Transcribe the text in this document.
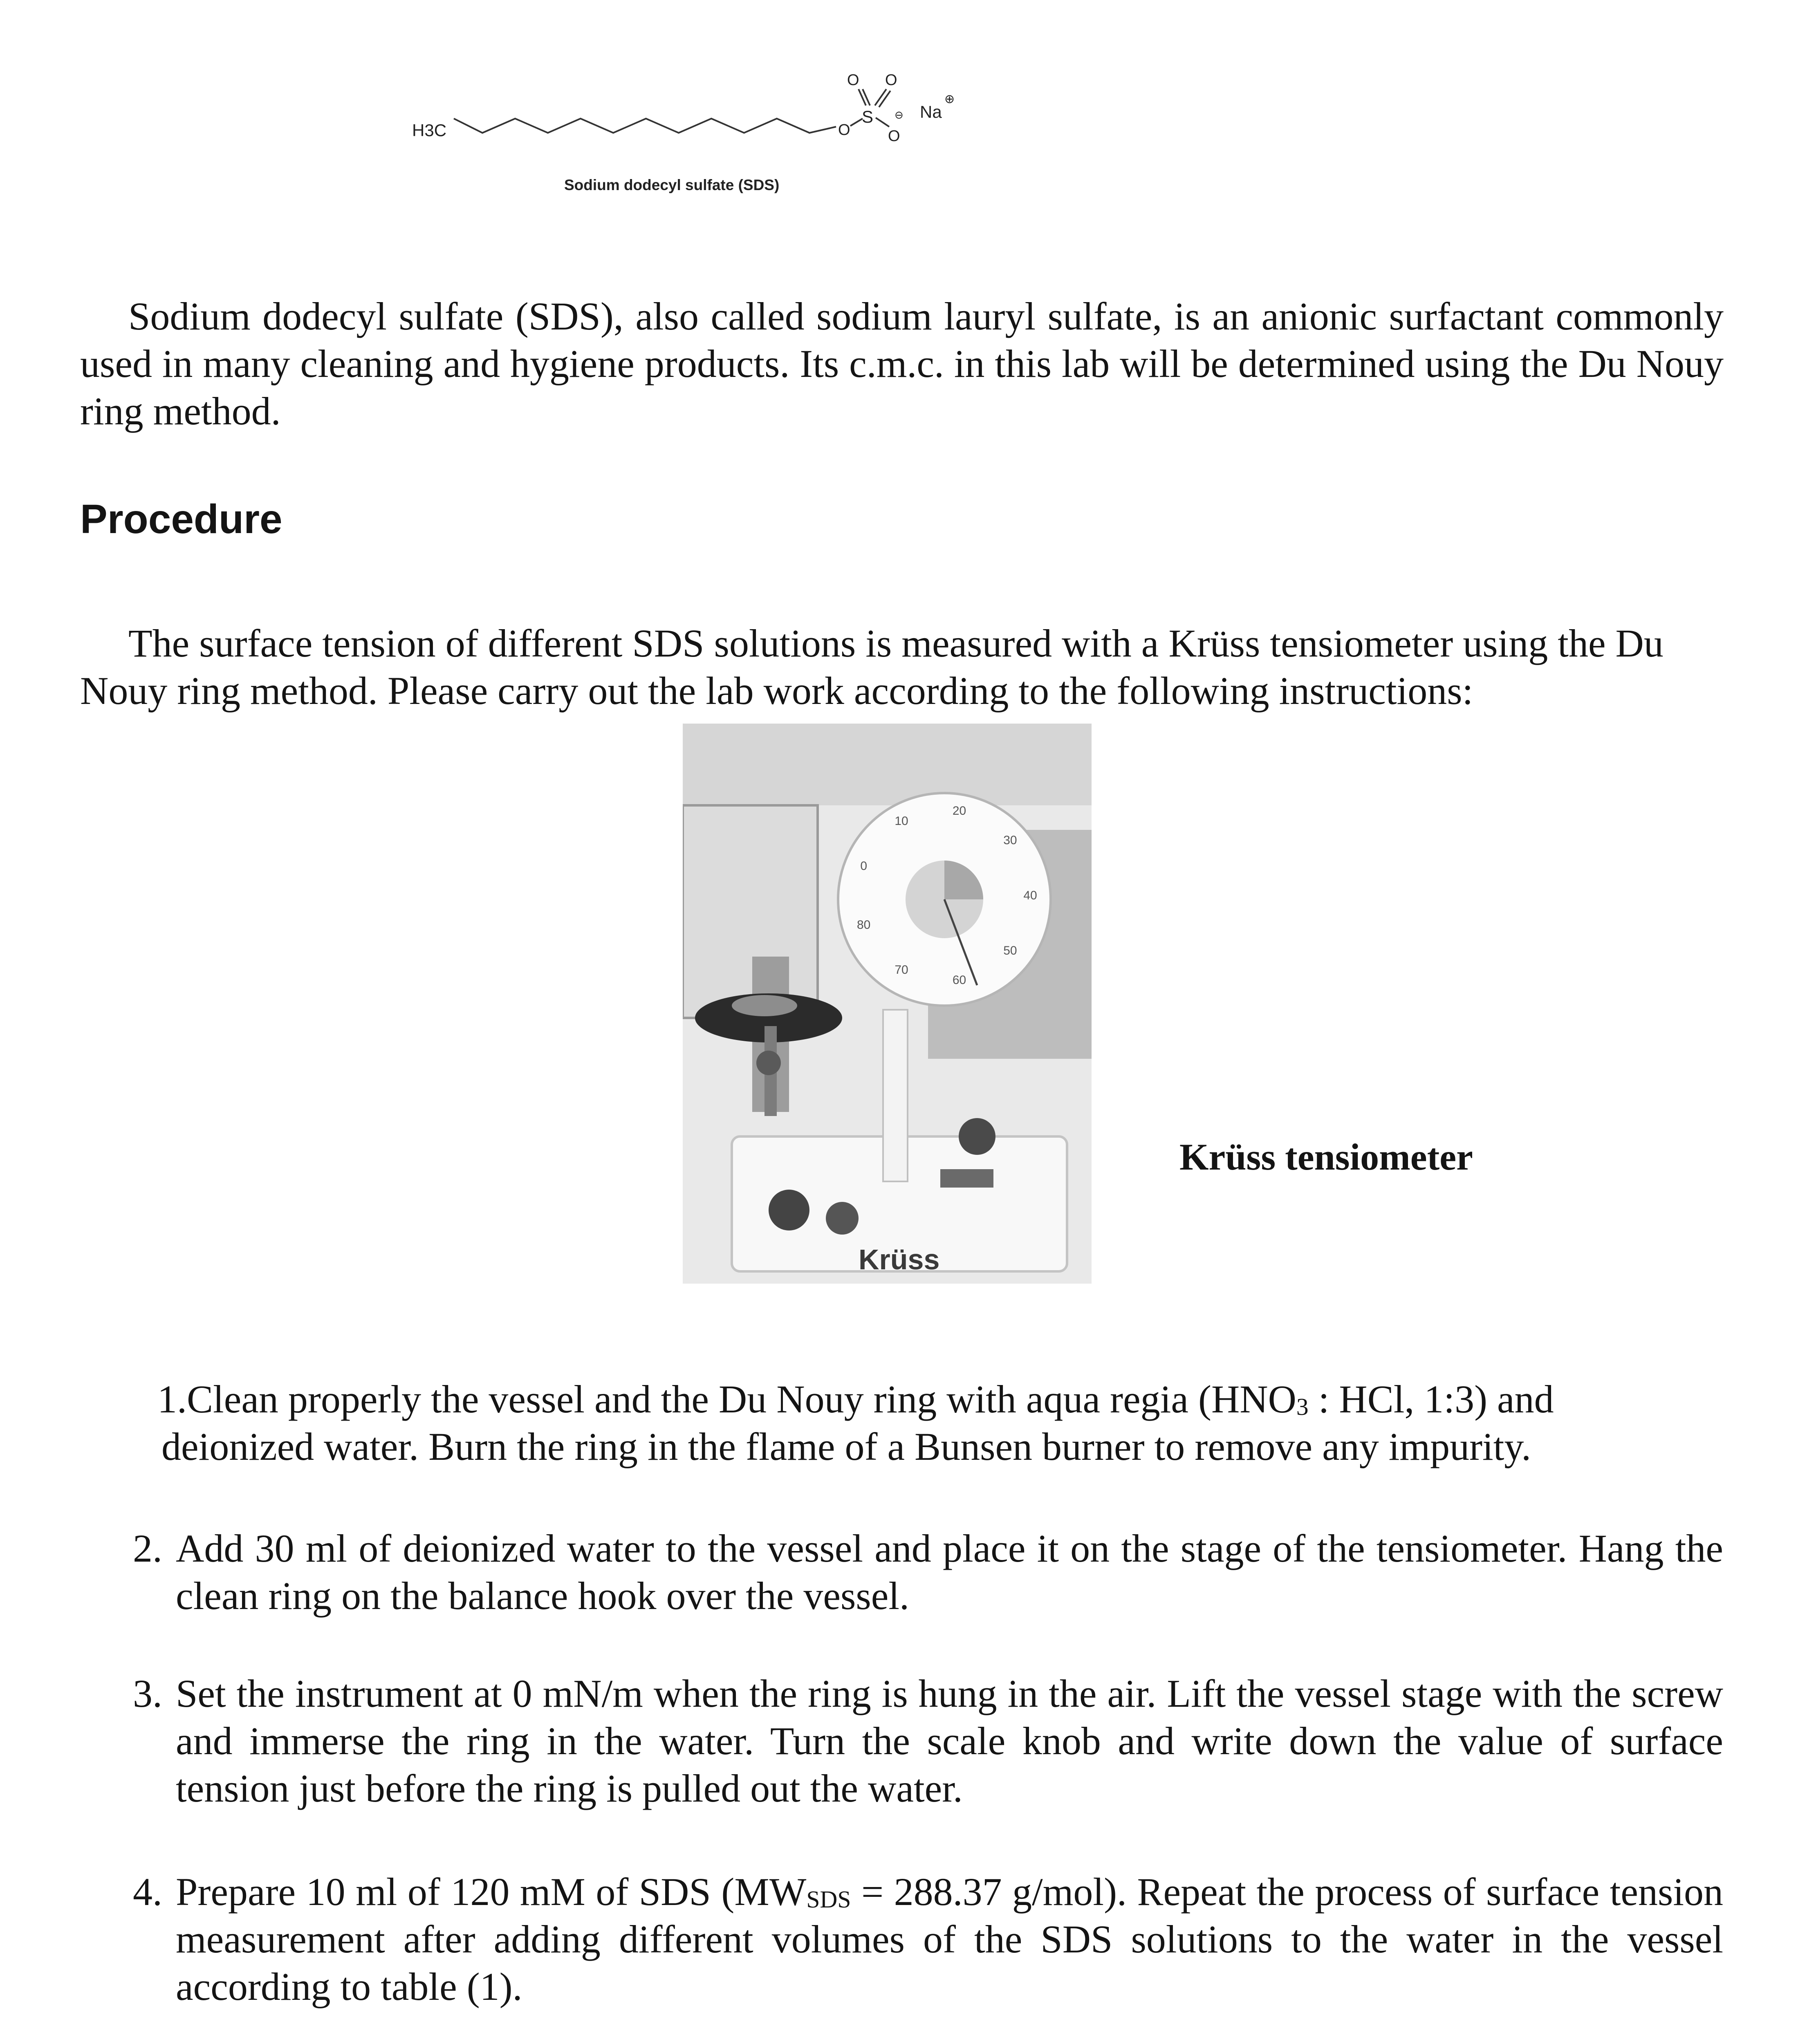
H3C	O
S
O O
O
⊖ Na
⊕
Sodium dodecyl sulfate (SDS)

Sodium dodecyl sulfate (SDS), also called sodium lauryl sulfate, is an anionic surfactant commonly used in many cleaning and hygiene products. Its c.m.c. in this lab will be determined using the Du Nouy ring method.

Procedure

The surface tension of different SDS solutions is measured with a Krüss tensiometer using the Du Nouy ring method. Please carry out the lab work according to the following instructions:

0
10
20
30
40
50
60
70
80
Krüss
Krüss tensiometer
1.Clean properly the vessel and the Du Nouy ring with aqua regia ($HNO_3$ : HCl, 1:3) and
deionized water. Burn the ring in the flame of a Bunsen burner to remove any impurity.
2. Add 30 ml of deionized water to the vessel and place it on the stage of the tensiometer. Hang the clean ring on the balance hook over the vessel.
3. Set the instrument at 0 mN/m when the ring is hung in the air. Lift the vessel stage with the screw and immerse the ring in the water. Turn the scale knob and write down the value of surface tension just before the ring is pulled out the water.
4. Prepare 10 ml of 120 mM of SDS ($MW_{SDS} = 288.37$ g/mol). Repeat the process of surface tension measurement after adding different volumes of the SDS solutions to the water in the vessel according to table (1).
